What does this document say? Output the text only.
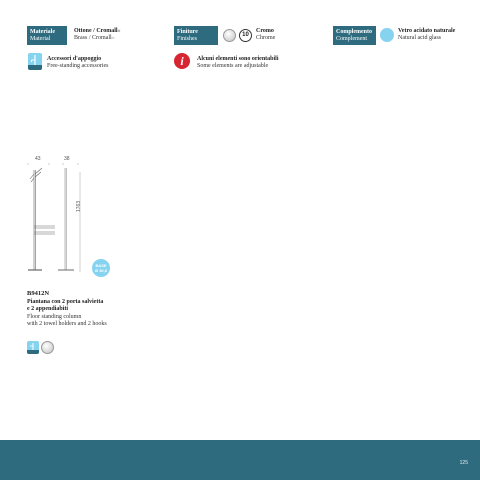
Materiale
Material
Ottone / Cromall®
Brass / Cromall®
Finiture
Finishes
10
Cromo
Chrome
Complemento
Complement
Vetro acidato naturale
Natural acid glass
Accessori d'appoggio
Free-standing accessories	i	Alcuni elementi sono orientabili
Some elements are adjustable
43	38
1763
BASE
Ø 30,8
B9412N
Piantana con 2 porta salvietta
e 2 appendiabiti
Floor standing column
with 2 towel holders and 2 hooks
125
